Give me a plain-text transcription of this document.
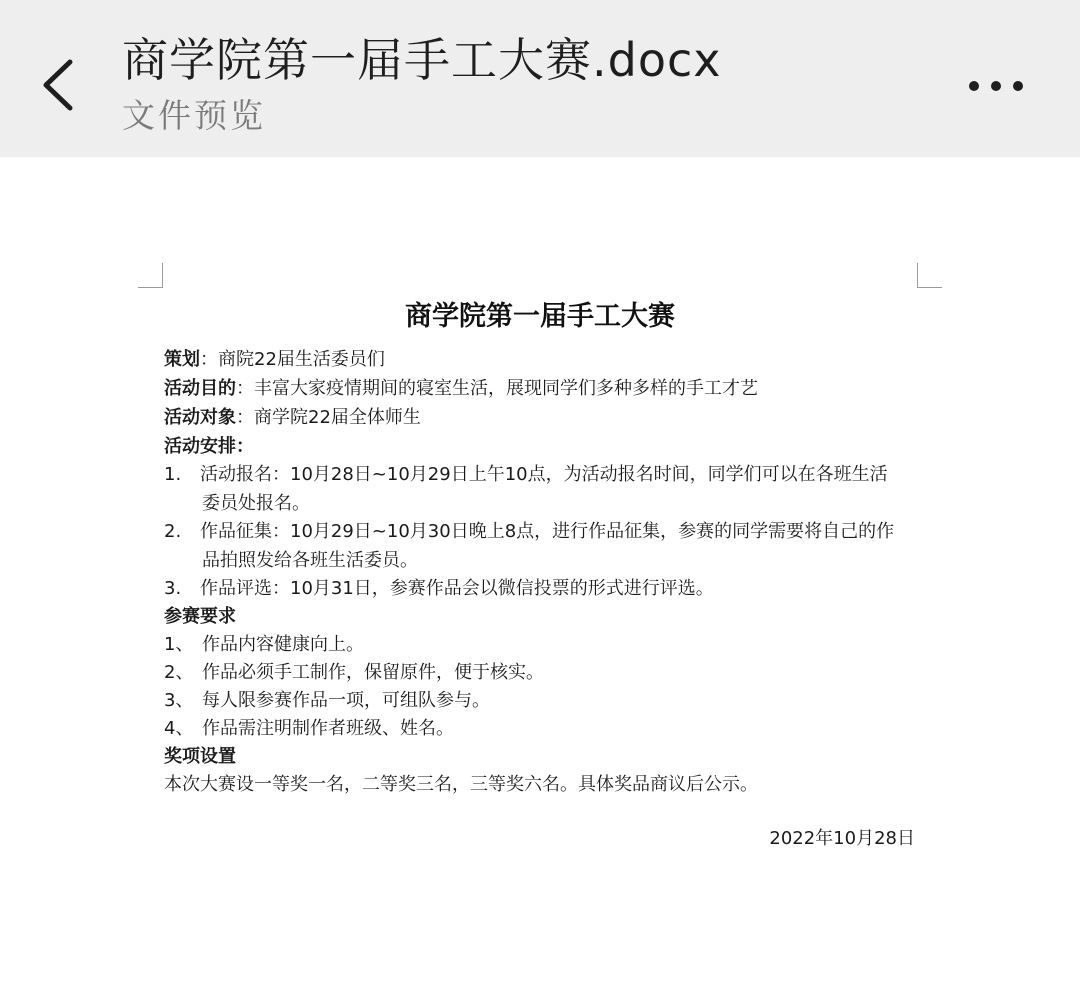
商学院第一届手工大赛.docx
文件预览
商学院第一届手工大赛
策划：商院22届生活委员们
活动目的：丰富大家疫情期间的寝室生活，展现同学们多种多样的手工才艺
活动对象：商学院22届全体师生
活动安排：
1. 活动报名：10月28日~10月29日上午10点，为活动报名时间，同学们可以在各班生活
委员处报名。
2. 作品征集：10月29日~10月30日晚上8点，进行作品征集，参赛的同学需要将自己的作
品拍照发给各班生活委员。
3. 作品评选：10月31日，参赛作品会以微信投票的形式进行评选。
参赛要求
1、 作品内容健康向上。
2、 作品必须手工制作，保留原件，便于核实。
3、 每人限参赛作品一项，可组队参与。
4、 作品需注明制作者班级、姓名。
奖项设置
本次大赛设一等奖一名，二等奖三名，三等奖六名。具体奖品商议后公示。
2022年10月28日
